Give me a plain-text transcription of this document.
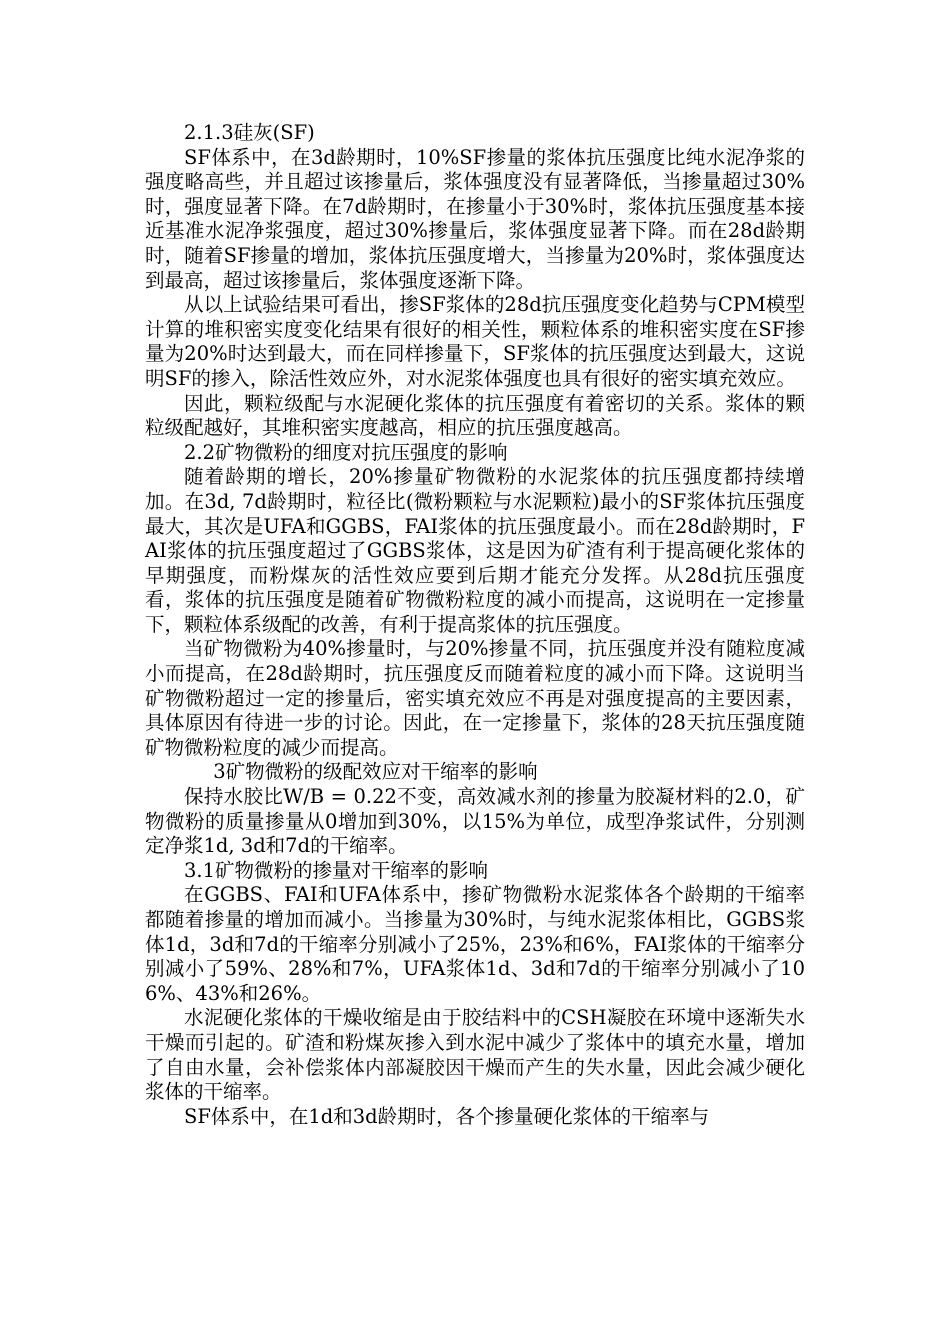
2.1.3硅灰(SF)

SF体系中，在3d龄期时，10%SF掺量的浆体抗压强度比纯水泥净浆的强度略高些，并且超过该掺量后，浆体强度没有显著降低，当掺量超过30%时，强度显著下降。在7d龄期时，在掺量小于30%时，浆体抗压强度基本接近基准水泥净浆强度，超过30%掺量后，浆体强度显著下降。而在28d龄期时，随着SF掺量的增加，浆体抗压强度增大，当掺量为20%时，浆体强度达到最高，超过该掺量后，浆体强度逐渐下降。

从以上试验结果可看出，掺SF浆体的28d抗压强度变化趋势与CPM模型计算的堆积密实度变化结果有很好的相关性，颗粒体系的堆积密实度在SF掺量为20%时达到最大，而在同样掺量下，SF浆体的抗压强度达到最大，这说明SF的掺入，除活性效应外，对水泥浆体强度也具有很好的密实填充效应。

因此，颗粒级配与水泥硬化浆体的抗压强度有着密切的关系。浆体的颗粒级配越好，其堆积密实度越高，相应的抗压强度越高。

2.2矿物微粉的细度对抗压强度的影响

随着龄期的增长，20%掺量矿物微粉的水泥浆体的抗压强度都持续增加。在3d, 7d龄期时，粒径比(微粉颗粒与水泥颗粒)最小的SF浆体抗压强度最大，其次是UFA和GGBS，FAI浆体的抗压强度最小。而在28d龄期时，FAI浆体的抗压强度超过了GGBS浆体，这是因为矿渣有利于提高硬化浆体的早期强度，而粉煤灰的活性效应要到后期才能充分发挥。从28d抗压强度看，浆体的抗压强度是随着矿物微粉粒度的减小而提高，这说明在一定掺量下，颗粒体系级配的改善，有利于提高浆体的抗压强度。

当矿物微粉为40%掺量时，与20%掺量不同，抗压强度并没有随粒度减小而提高，在28d龄期时，抗压强度反而随着粒度的减小而下降。这说明当矿物微粉超过一定的掺量后，密实填充效应不再是对强度提高的主要因素，具体原因有待进一步的讨论。因此，在一定掺量下，浆体的28天抗压强度随矿物微粉粒度的减少而提高。

3矿物微粉的级配效应对干缩率的影响

保持水胶比W/B = 0.22不变，高效减水剂的掺量为胶凝材料的2.0，矿物微粉的质量掺量从0增加到30%，以15%为单位，成型净浆试件，分别测定净浆1d, 3d和7d的干缩率。

3.1矿物微粉的掺量对干缩率的影响

在GGBS、FAI和UFA体系中，掺矿物微粉水泥浆体各个龄期的干缩率都随着掺量的增加而减小。当掺量为30%时，与纯水泥浆体相比，GGBS浆体1d，3d和7d的干缩率分别减小了25%，23%和6%，FAI浆体的干缩率分别减小了59%、28%和7%，UFA浆体1d、3d和7d的干缩率分别减小了106%、43%和26%。

水泥硬化浆体的干燥收缩是由于胶结料中的CSH凝胶在环境中逐渐失水干燥而引起的。矿渣和粉煤灰掺入到水泥中减少了浆体中的填充水量，增加了自由水量，会补偿浆体内部凝胶因干燥而产生的失水量，因此会减少硬化浆体的干缩率。

SF体系中，在1d和3d龄期时，各个掺量硬化浆体的干缩率与
